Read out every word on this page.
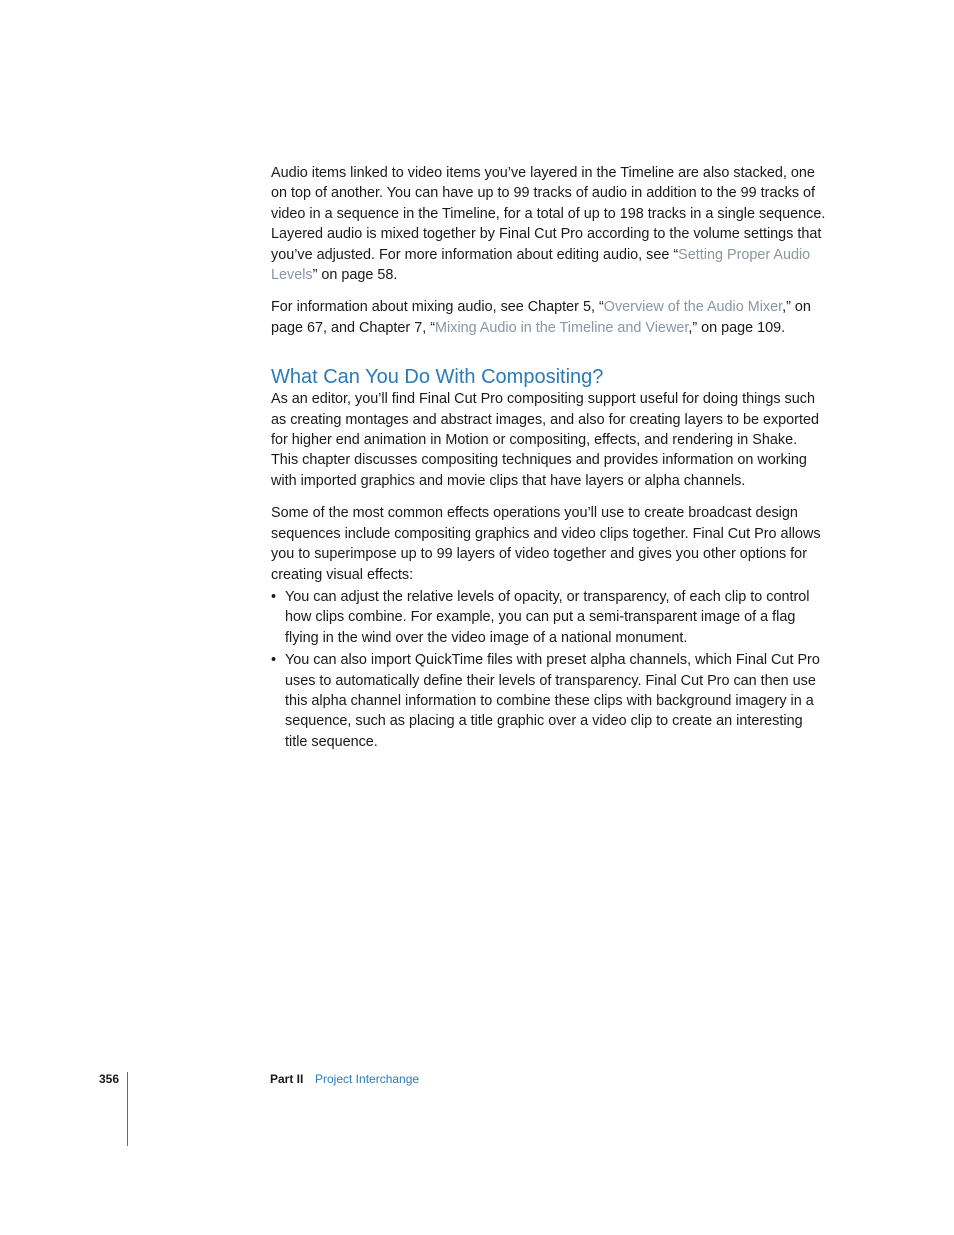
Audio items linked to video items you’ve layered in the Timeline are also stacked, one on top of another. You can have up to 99 tracks of audio in addition to the 99 tracks of video in a sequence in the Timeline, for a total of up to 198 tracks in a single sequence. Layered audio is mixed together by Final Cut Pro according to the volume settings that you’ve adjusted. For more information about editing audio, see “Setting Proper Audio Levels” on page 58.

For information about mixing audio, see Chapter 5, “Overview of the Audio Mixer,” on page 67, and Chapter 7, “Mixing Audio in the Timeline and Viewer,” on page 109.

What Can You Do With Compositing?

As an editor, you’ll find Final Cut Pro compositing support useful for doing things such as creating montages and abstract images, and also for creating layers to be exported for higher end animation in Motion or compositing, effects, and rendering in Shake. This chapter discusses compositing techniques and provides information on working with imported graphics and movie clips that have layers or alpha channels.

Some of the most common effects operations you’ll use to create broadcast design sequences include compositing graphics and video clips together. Final Cut Pro allows you to superimpose up to 99 layers of video together and gives you other options for creating visual effects:

• You can adjust the relative levels of opacity, or transparency, of each clip to control how clips combine. For example, you can put a semi-transparent image of a flag flying in the wind over the video image of a national monument.
• You can also import QuickTime files with preset alpha channels, which Final Cut Pro uses to automatically define their levels of transparency. Final Cut Pro can then use this alpha channel information to combine these clips with background imagery in a sequence, such as placing a title graphic over a video clip to create an interesting title sequence.
356	Part II Project Interchange
